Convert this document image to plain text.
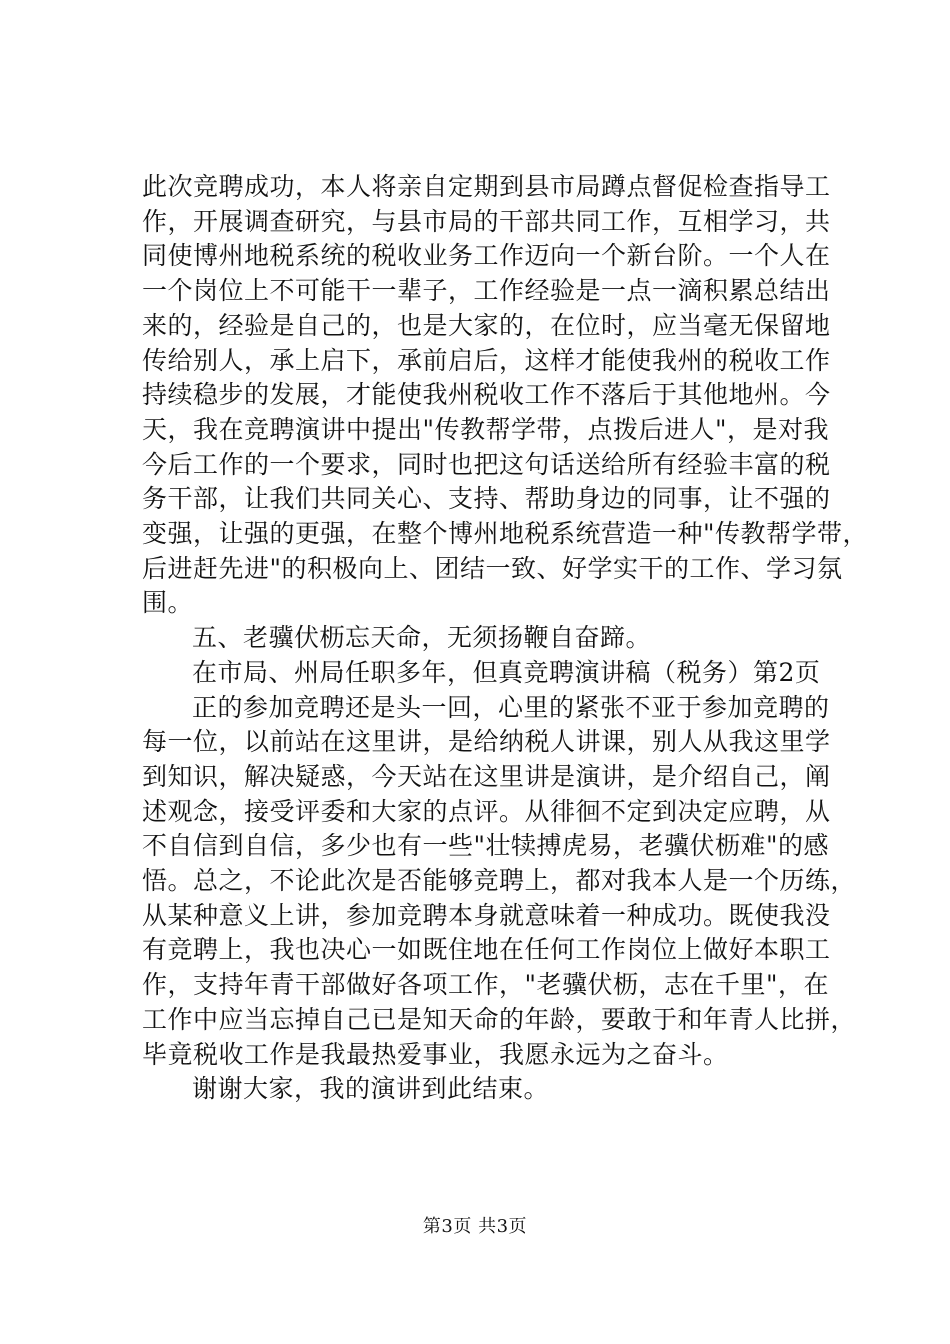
此次竞聘成功，本人将亲自定期到县市局蹲点督促检查指导工
作，开展调查研究，与县市局的干部共同工作，互相学习，共
同使博州地税系统的税收业务工作迈向一个新台阶。一个人在
一个岗位上不可能干一辈子，工作经验是一点一滴积累总结出
来的，经验是自己的，也是大家的，在位时，应当毫无保留地
传给别人，承上启下，承前启后，这样才能使我州的税收工作
持续稳步的发展，才能使我州税收工作不落后于其他地州。今
天，我在竞聘演讲中提出"传教帮学带，点拨后进人"，是对我
今后工作的一个要求，同时也把这句话送给所有经验丰富的税
务干部，让我们共同关心、支持、帮助身边的同事，让不强的
变强，让强的更强，在整个博州地税系统营造一种"传教帮学带，
后进赶先进"的积极向上、团结一致、好学实干的工作、学习氛
围。
五、老骥伏枥忘天命，无须扬鞭自奋蹄。
在市局、州局任职多年，但真竞聘演讲稿（税务）第2页
正的参加竞聘还是头一回，心里的紧张不亚于参加竞聘的
每一位，以前站在这里讲，是给纳税人讲课，别人从我这里学
到知识，解决疑惑，今天站在这里讲是演讲，是介绍自己，阐
述观念，接受评委和大家的点评。从徘徊不定到决定应聘，从
不自信到自信，多少也有一些"壮犊搏虎易，老骥伏枥难"的感
悟。总之，不论此次是否能够竞聘上，都对我本人是一个历练，
从某种意义上讲，参加竞聘本身就意味着一种成功。既使我没
有竞聘上，我也决心一如既住地在任何工作岗位上做好本职工
作，支持年青干部做好各项工作，"老骥伏枥，志在千里"，在
工作中应当忘掉自己已是知天命的年龄，要敢于和年青人比拼，
毕竟税收工作是我最热爱事业，我愿永远为之奋斗。
谢谢大家，我的演讲到此结束。
第3页 共3页
